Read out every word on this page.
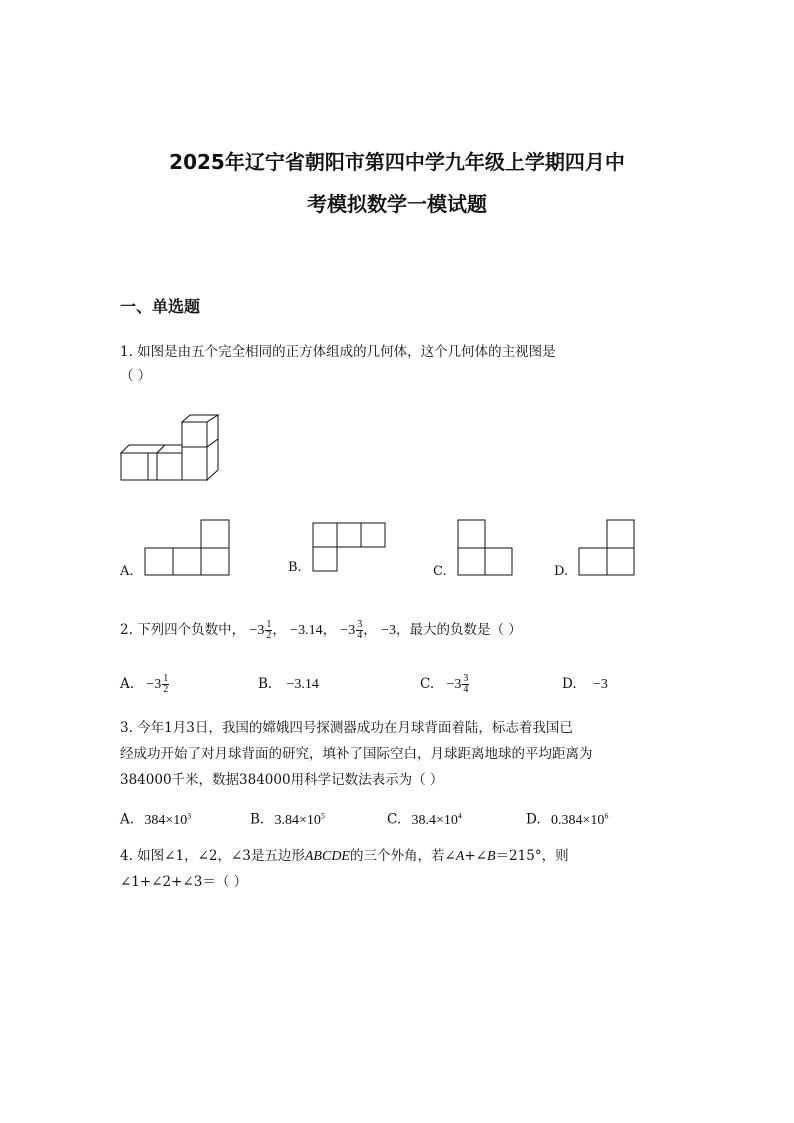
2025年辽宁省朝阳市第四中学九年级上学期四月中
考模拟数学一模试题
一、单选题
1. 如图是由五个完全相同的正方体组成的几何体，这个几何体的主视图是
（ ）
A.	B.	C.	D.
2. 下列四个负数中， $-3 \frac{1}{2}$ ， −3.14， $-3 \frac{3}{4}$ ， −3，最大的负数是（ ）
A. $-3 \frac{1}{2}$	B. −3.14	C. $-3 \frac{3}{4}$	D. −3
3. 今年1月3日，我国的嫦娥四号探测器成功在月球背面着陆，标志着我国已
经成功开始了对月球背面的研究，填补了国际空白，月球距离地球的平均距离为
384000千米，数据384000用科学记数法表示为（ ）
A. $384\times 10^3$	B. $3.84\times 10^5$	C. $38.4\times 10^4$	D. $0.384\times 10^6$
4. 如图∠1，∠2，∠3是五边形ABCDE的三个外角，若∠A+∠B＝215°，则
∠1+∠2+∠3＝（ ）
